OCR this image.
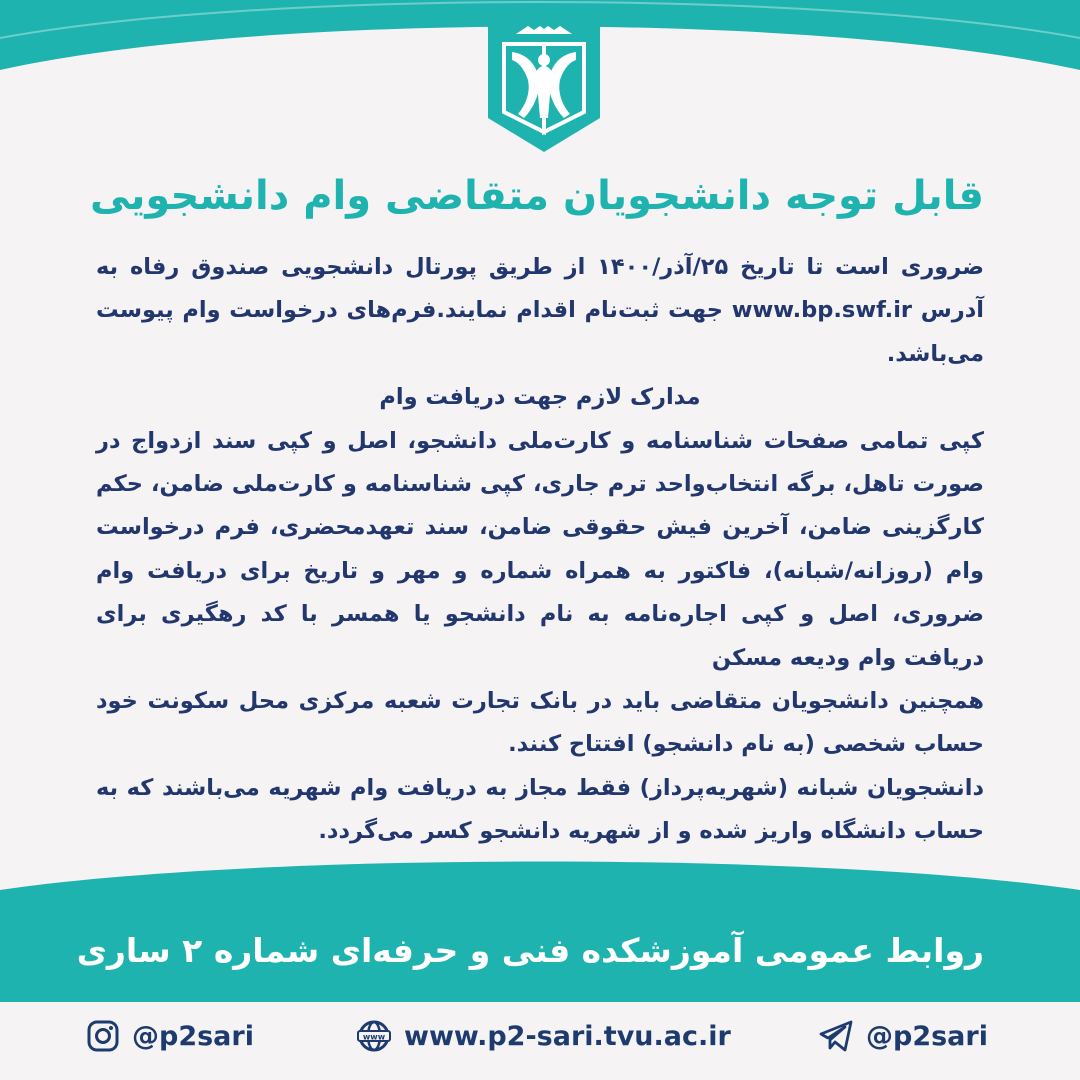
قابل توجه دانشجویان متقاضی وام دانشجویی

ضروری است تا تاریخ ۲۵/آذر/۱۴۰۰ از طریق پورتال دانشجویی صندوق رفاه به آدرس www.bp.swf.ir جهت ثبت‌نام اقدام نمایند.فرم‌های درخواست وام پیوست می‌باشد.

مدارک لازم جهت دریافت وام

کپی تمامی صفحات شناسنامه و کارت‌ملی دانشجو، اصل و کپی سند ازدواج در صورت تاهل، برگه انتخاب‌واحد ترم جاری، کپی شناسنامه و کارت‌ملی ضامن، حکم کارگزینی ضامن، آخرین فیش حقوقی ضامن، سند تعهدمحضری، فرم درخواست وام (روزانه/شبانه)، فاکتور به همراه شماره و مهر و تاریخ برای دریافت وام ضروری، اصل و کپی اجاره‌نامه به نام دانشجو یا همسر با کد رهگیری برای دریافت وام ودیعه مسکن

همچنین دانشجویان متقاضی باید در بانک تجارت شعبه مرکزی محل سکونت خود حساب شخصی (به نام دانشجو) افتتاح کنند.

دانشجویان شبانه (شهریه‌پرداز) فقط مجاز به دریافت وام شهریه می‌باشند که به حساب دانشگاه واریز شده و از شهریه دانشجو کسر می‌گردد.

روابط عمومی آموزشکده فنی و حرفه‌ای شماره ۲ ساری
@p2sari	www www.p2-sari.tvu.ac.ir	@p2sari
